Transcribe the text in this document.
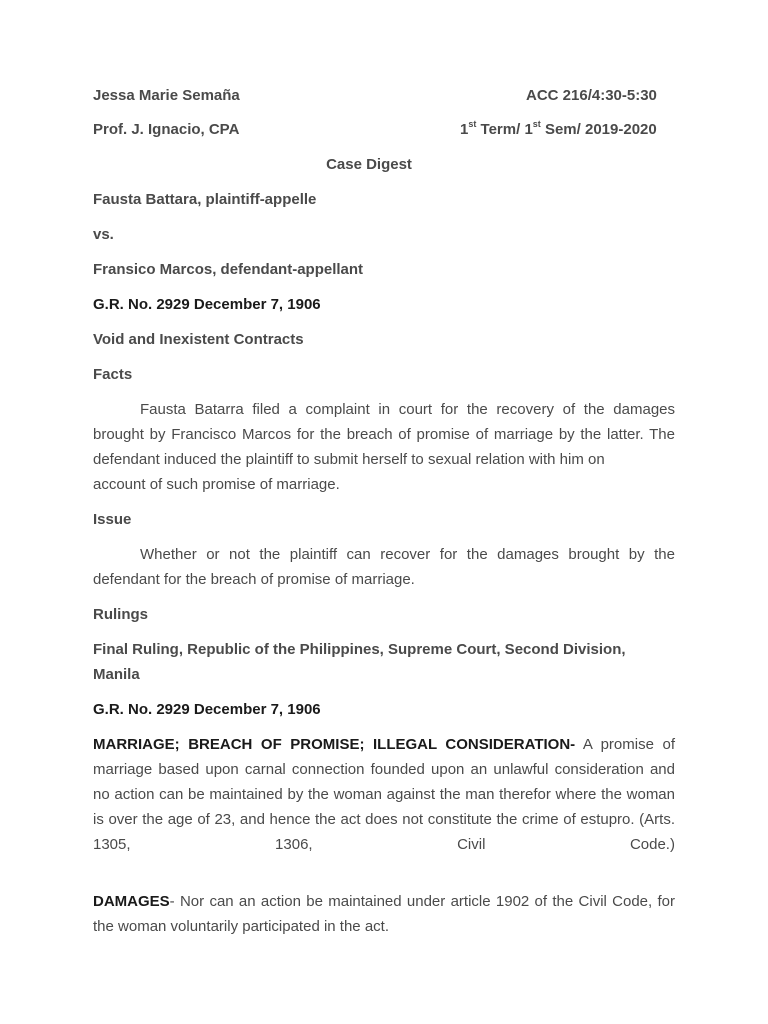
Jessa Marie Semaña	ACC 216/4:30-5:30
Prof. J. Ignacio, CPA	1st Term/ 1st Sem/ 2019-2020
Case Digest
Fausta Battara, plaintiff-appelle
vs.
Fransico Marcos, defendant-appellant
G.R. No. 2929 December 7, 1906
Void and Inexistent Contracts
Facts
Fausta Batarra filed a complaint in court for the recovery of the damages
brought by Francisco Marcos for the breach of promise of marriage by the latter. The
defendant induced the plaintiff to submit herself to sexual relation with him on
account of such promise of marriage.
Issue
Whether or not the plaintiff can recover for the damages brought by the
defendant for the breach of promise of marriage.
Rulings
Final Ruling, Republic of the Philippines, Supreme Court, Second Division,
Manila
G.R. No. 2929 December 7, 1906
MARRIAGE; BREACH OF PROMISE; ILLEGAL CONSIDERATION- A promise of
marriage based upon carnal connection founded upon an unlawful consideration and
no action can be maintained by the woman against the man therefor where the woman
is over the age of 23, and hence the act does not constitute the crime of estupro. (Arts.
1305,	1306,	Civil	Code.)
DAMAGES- Nor can an action be maintained under article 1902 of the Civil Code, for
the woman voluntarily participated in the act.
